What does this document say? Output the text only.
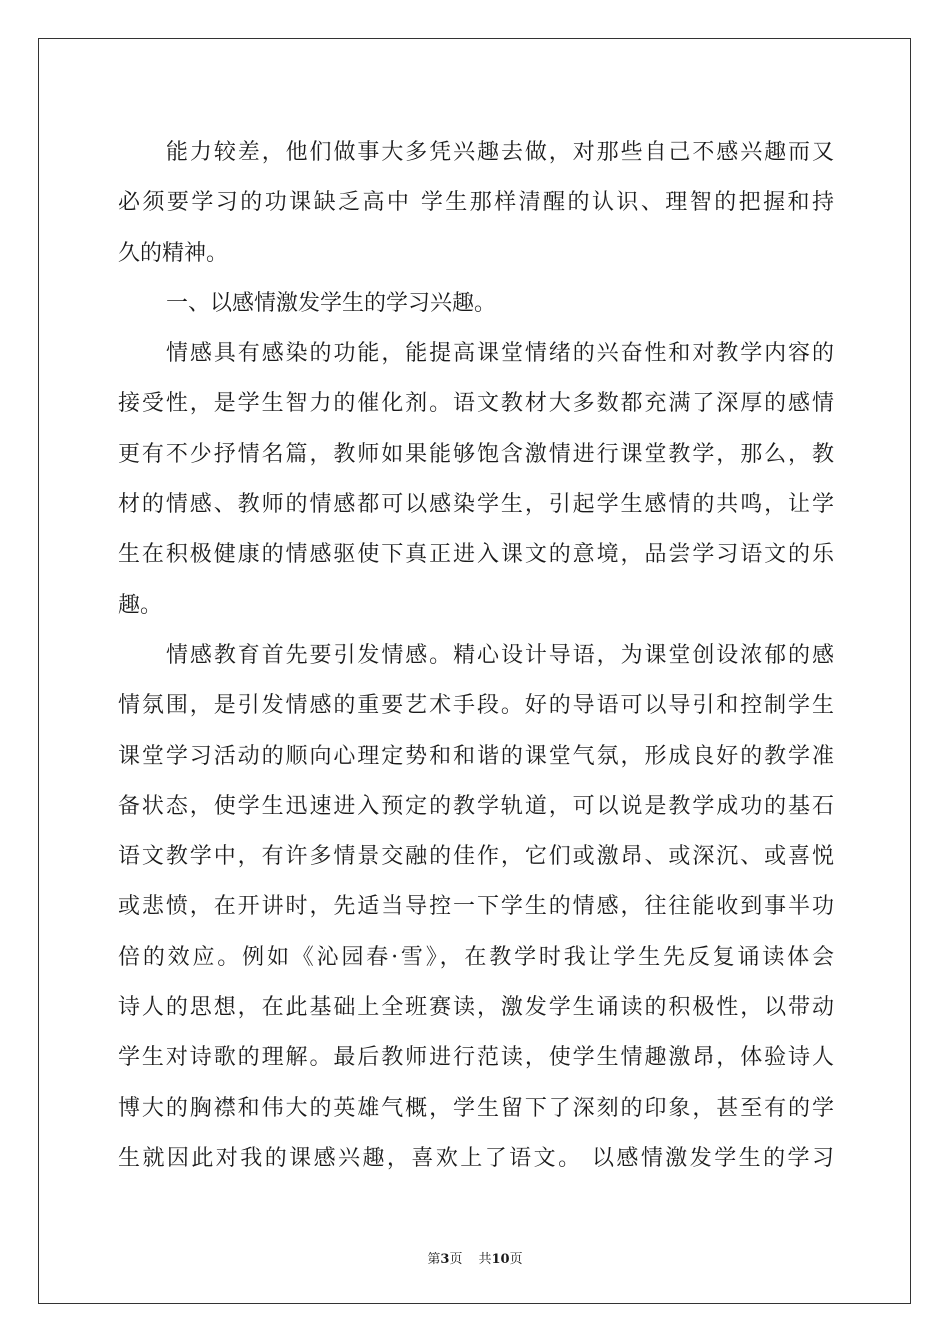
能力较差，他们做事大多凭兴趣去做，对那些自己不感兴趣而又
必须要学习的功课缺乏高中 学生那样清醒的认识、理智的把握和持
久的精神。
一、以感情激发学生的学习兴趣。
情感具有感染的功能，能提高课堂情绪的兴奋性和对教学内容的
接受性，是学生智力的催化剂。语文教材大多数都充满了深厚的感情
更有不少抒情名篇，教师如果能够饱含激情进行课堂教学，那么，教
材的情感、教师的情感都可以感染学生，引起学生感情的共鸣，让学
生在积极健康的情感驱使下真正进入课文的意境，品尝学习语文的乐
趣。
情感教育首先要引发情感。精心设计导语，为课堂创设浓郁的感
情氛围，是引发情感的重要艺术手段。好的导语可以导引和控制学生
课堂学习活动的顺向心理定势和和谐的课堂气氛，形成良好的教学准
备状态，使学生迅速进入预定的教学轨道，可以说是教学成功的基石
语文教学中，有许多情景交融的佳作，它们或激昂、或深沉、或喜悦
或悲愤，在开讲时，先适当导控一下学生的情感，往往能收到事半功
倍的效应。例如《沁园春·雪》，在教学时我让学生先反复诵读体会
诗人的思想，在此基础上全班赛读，激发学生诵读的积极性，以带动
学生对诗歌的理解。最后教师进行范读，使学生情趣激昂，体验诗人
博大的胸襟和伟大的英雄气概，学生留下了深刻的印象，甚至有的学
生就因此对我的课感兴趣，喜欢上了语文。 以感情激发学生的学习
第3页 共10页
